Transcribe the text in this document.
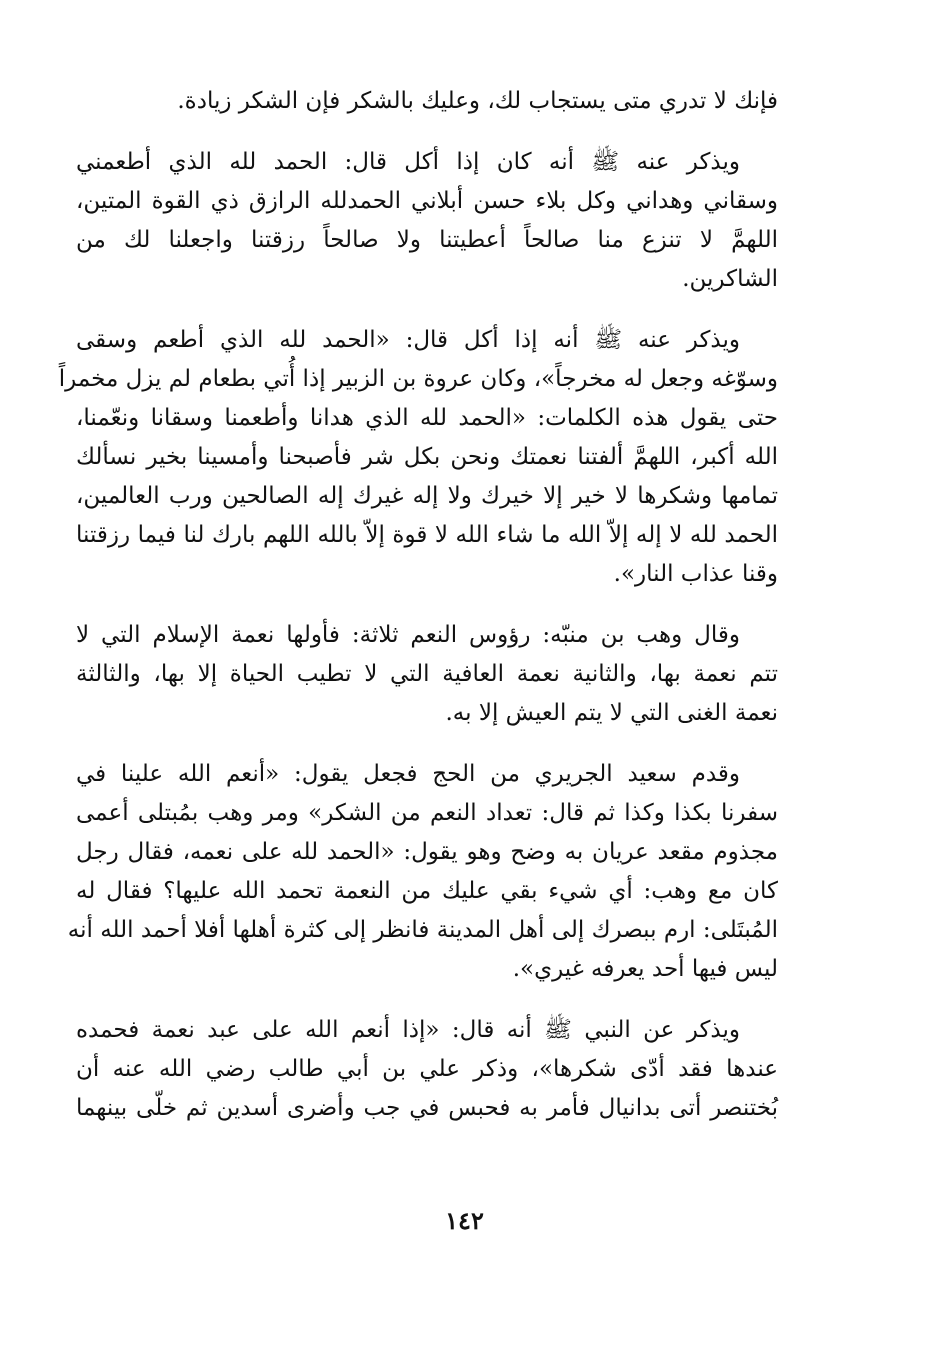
فإنك لا تدري متى يستجاب لك، وعليك بالشكر فإن الشكر زيادة.

ويذكر عنه ﷺ أنه كان إذا أكل قال: الحمد لله الذي أطعمني
وسقاني وهداني وكل بلاء حسن أبلاني الحمدلله الرازق ذي القوة المتين،
اللهمَّ لا تنزع منا صالحاً أعطيتنا ولا صالحاً رزقتنا واجعلنا لك من
الشاكرين.

ويذكر عنه ﷺ أنه إذا أكل قال: «الحمد لله الذي أطعم وسقى
وسوّغه وجعل له مخرجاً»، وكان عروة بن الزبير إذا أُتي بطعام لم يزل مخمراً
حتى يقول هذه الكلمات: «الحمد لله الذي هدانا وأطعمنا وسقانا ونعّمنا،
الله أكبر، اللهمَّ ألفتنا نعمتك ونحن بكل شر فأصبحنا وأمسينا بخير نسألك
تمامها وشكرها لا خير إلا خيرك ولا إله غيرك إله الصالحين ورب العالمين،
الحمد لله لا إله إلاّ الله ما شاء الله لا قوة إلاّ بالله اللهم بارك لنا فيما رزقتنا
وقنا عذاب النار».

وقال وهب بن منبّه: رؤوس النعم ثلاثة: فأولها نعمة الإسلام التي لا
تتم نعمة بها، والثانية نعمة العافية التي لا تطيب الحياة إلا بها، والثالثة
نعمة الغنى التي لا يتم العيش إلا به.

وقدم سعيد الجريري من الحج فجعل يقول: «أنعم الله علينا في
سفرنا بكذا وكذا ثم قال: تعداد النعم من الشكر» ومر وهب بمُبتلى أعمى
مجذوم مقعد عريان به وضح وهو يقول: «الحمد لله على نعمه، فقال رجل
كان مع وهب: أي شيء بقي عليك من النعمة تحمد الله عليها؟ فقال له
المُبتَلى: ارم ببصرك إلى أهل المدينة فانظر إلى كثرة أهلها أفلا أحمد الله أنه
ليس فيها أحد يعرفه غيري».

ويذكر عن النبي ﷺ أنه قال: «إذا أنعم الله على عبد نعمة فحمده
عندها فقد أدّى شكرها»، وذكر علي بن أبي طالب رضي الله عنه أن
بُختنصر أتى بدانيال فأمر به فحبس في جب وأضرى أسدين ثم خلّى بينهما

١٤٢
